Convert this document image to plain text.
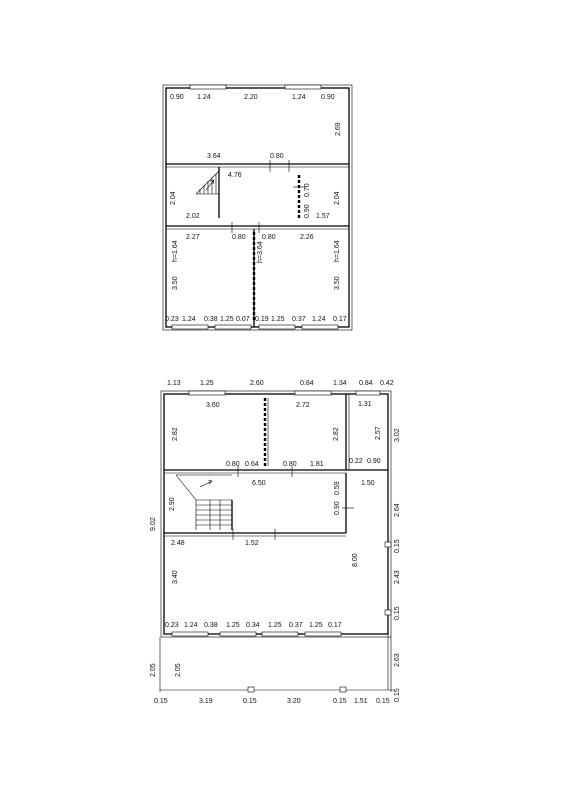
0.90 1.24	2.20	1.24 0.90
2.69
3.64	0.80
4.76
0.70
0.90
2.04	2.04
2.02	1.57
2.27	0.80 0.80	2.26
h=1.64	h=3.64	h=1.64
3.50	3.50
0.23 1.24 0.38 1.25 0.07 0.19 1.25 0.37 1.24 0.17
1.13	1.25	2.60	0.84	1.34 0.84 0.42
3.60	2.72	1.31
2.82	2.82	2.57 3.02
0.80 0.64	0.80 1.81	0.22 0.90
6.50	0.59	1.50
2.90	0.90
9.02
2.64
2.48	1.52	0.15
8.00
3.40	2.43
0.15
0.23 1.24 0.38 1.25 0.34 1.25 0.37 1.25 0.17
2.63
2.05	2.05
0.15	3.19	0.15	3.20	0.15 1.51 0.15 0.15
